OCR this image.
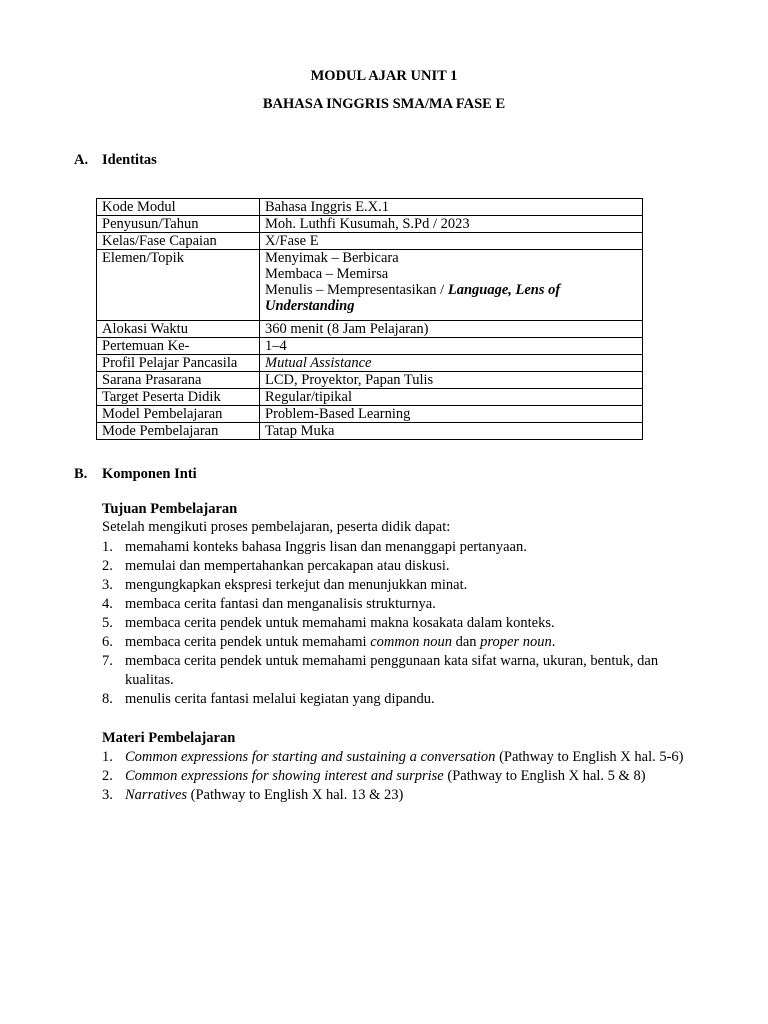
MODUL AJAR UNIT 1
BAHASA INGGRIS SMA/MA FASE E
A. Identitas
Kode Modul	Bahasa Inggris E.X.1
Penyusun/Tahun	Moh. Luthfi Kusumah, S.Pd / 2023
Kelas/Fase Capaian	X/Fase E
Elemen/Topik	Menyimak – Berbicara
Membaca – Memirsa
Menulis – Mempresentasikan / Language, Lens of Understanding

Alokasi Waktu	360 menit (8 Jam Pelajaran)
Pertemuan Ke-	1–4
Profil Pelajar Pancasila	Mutual Assistance
Sarana Prasarana	LCD, Proyektor, Papan Tulis
Target Peserta Didik	Regular/tipikal
Model Pembelajaran	Problem-Based Learning
Mode Pembelajaran	Tatap Muka
B. Komponen Inti
Tujuan Pembelajaran
Setelah mengikuti proses pembelajaran, peserta didik dapat:
1. memahami konteks bahasa Inggris lisan dan menanggapi pertanyaan.
2. memulai dan mempertahankan percakapan atau diskusi.
3. mengungkapkan ekspresi terkejut dan menunjukkan minat.
4. membaca cerita fantasi dan menganalisis strukturnya.
5. membaca cerita pendek untuk memahami makna kosakata dalam konteks.
6. membaca cerita pendek untuk memahami common noun dan proper noun.
7. membaca cerita pendek untuk memahami penggunaan kata sifat warna, ukuran, bentuk, dan kualitas.
8. menulis cerita fantasi melalui kegiatan yang dipandu.
Materi Pembelajaran
1. Common expressions for starting and sustaining a conversation (Pathway to English X hal. 5-6)
2. Common expressions for showing interest and surprise (Pathway to English X hal. 5 & 8)
3. Narratives (Pathway to English X hal. 13 & 23)
